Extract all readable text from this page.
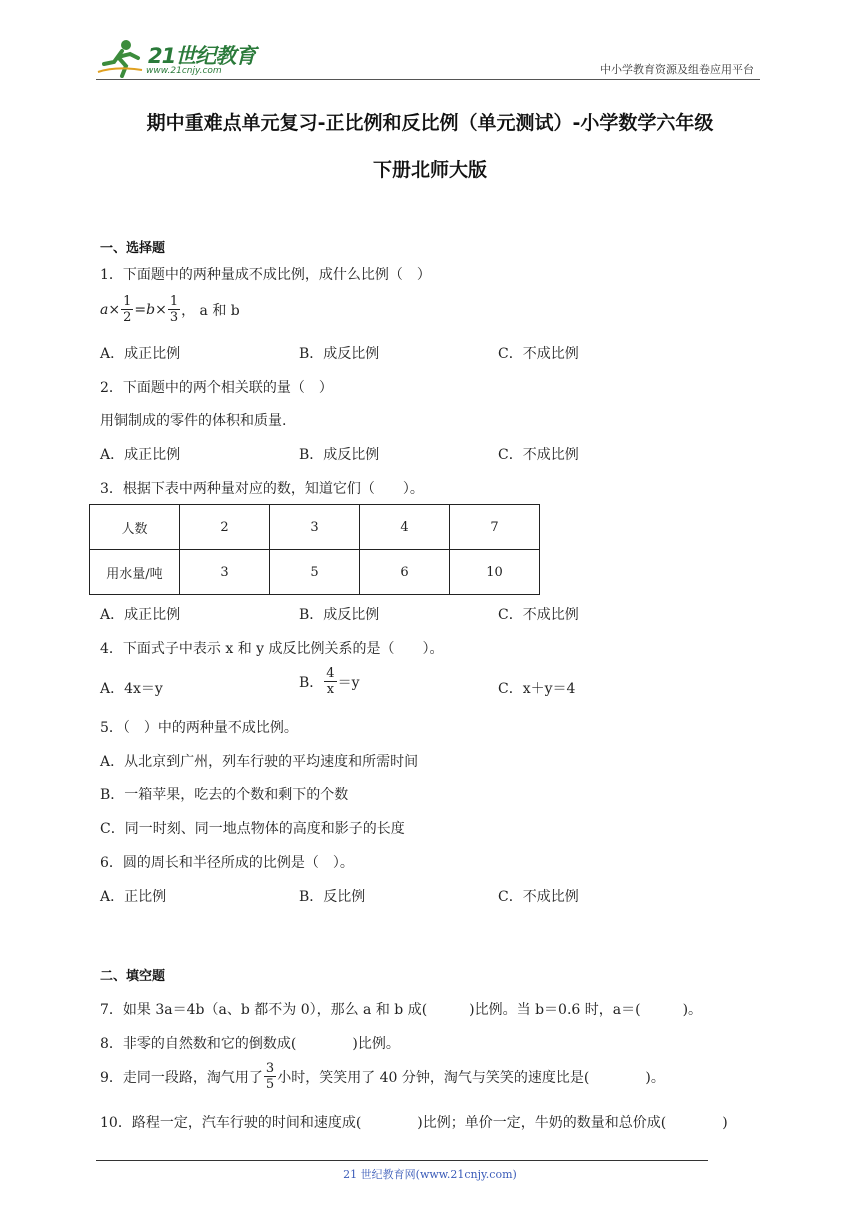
21世纪教育
www.21cnjy.com	中小学教育资源及组卷应用平台
期中重难点单元复习-正比例和反比例（单元测试）-小学数学六年级
下册北师大版
一、选择题
1．下面题中的两种量成不成比例，成什么比例（　）
$a \times \frac{1}{2} = b \times \frac{1}{3}$ ， a 和 b
A．成正比例	B．成反比例	C．不成比例
2．下面题中的两个相关联的量（　）
用铜制成的零件的体积和质量.
A．成正比例	B．成反比例	C．不成比例
3．根据下表中两种量对应的数，知道它们（　　）。
人数	2	3	4	7
用水量/吨	3	5	6	10
A．成正比例	B．成反比例	C．不成比例
4．下面式子中表示 x 和 y 成反比例关系的是（　　）。
A．4x＝y	B． $\frac{4}{x} =y$	C．x＋y＝4
5．（　）中的两种量不成比例。
A．从北京到广州，列车行驶的平均速度和所需时间
B．一箱苹果，吃去的个数和剩下的个数
C．同一时刻、同一地点物体的高度和影子的长度
6．圆的周长和半径所成的比例是（　）。
A．正比例	B．反比例	C．不成比例
二、填空题
7．如果 3a＝4b（a、b 都不为 0），那么 a 和 b 成(　　　)比例。当 b＝0.6 时，a＝(　　　)。
8．非零的自然数和它的倒数成(　　　　)比例。
9．走同一段路，淘气用了 $\frac{3}{5}$ 小时，笑笑用了 40 分钟，淘气与笑笑的速度比是(　　　　)。
10．路程一定，汽车行驶的时间和速度成(　　　　)比例；单价一定，牛奶的数量和总价成(　　　　)
21 世纪教育网(www.21cnjy.com)
